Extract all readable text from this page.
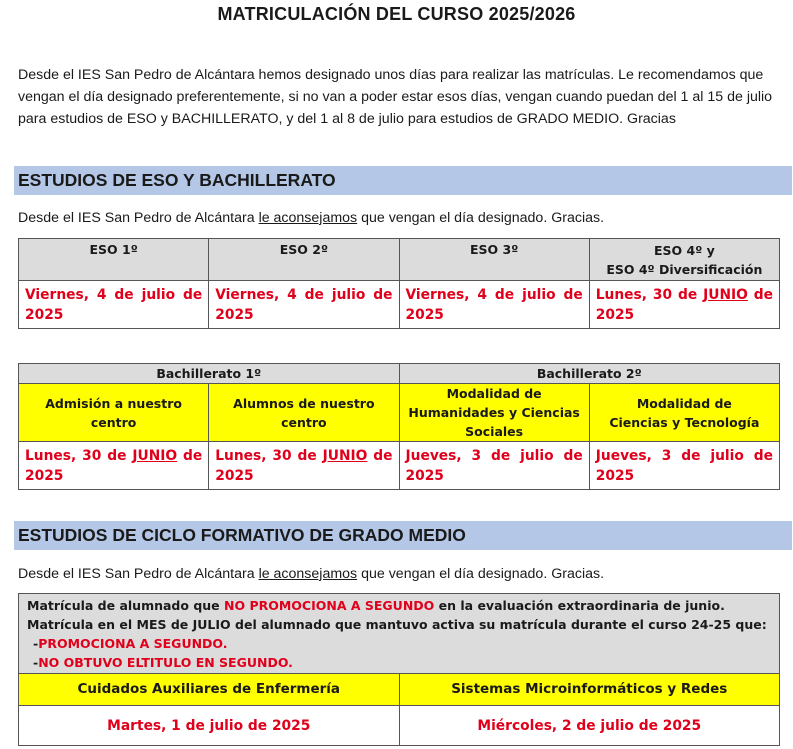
MATRICULACIÓN DEL CURSO 2025/2026
Desde el IES San Pedro de Alcántara hemos designado unos días para realizar las matrículas. Le recomendamos que vengan el día designado preferentemente, si no van a poder estar esos días, vengan cuando puedan del 1 al 15 de julio para estudios de ESO y BACHILLERATO, y del 1 al 8 de julio para estudios de GRADO MEDIO. Gracias
ESTUDIOS DE ESO Y BACHILLERATO
Desde el IES San Pedro de Alcántara le aconsejamos que vengan el día designado. Gracias.
ESO 1º	ESO 2º	ESO 3º	ESO 4º y
ESO 4º Diversificación

Viernes, 4 de julio de 2025	Viernes, 4 de julio de 2025	Viernes, 4 de julio de 2025	Lunes, 30 de JUNIO de 2025
Bachillerato 1º		Bachillerato 2º	
Admisión a nuestro centro	Alumnos de nuestro centro	Modalidad de Humanidades y Ciencias Sociales	Modalidad de Ciencias y Tecnología
Lunes, 30 de JUNIO de 2025	Lunes, 30 de JUNIO de 2025	Jueves, 3 de julio de 2025	Jueves, 3 de julio de 2025
ESTUDIOS DE CICLO FORMATIVO DE GRADO MEDIO
Desde el IES San Pedro de Alcántara le aconsejamos que vengan el día designado. Gracias.
Matrícula de alumnado que NO PROMOCIONA A SEGUNDO en la evaluación extraordinaria de junio.
Matrícula en el MES de JULIO del alumnado que mantuvo activa su matrícula durante el curso 24-25 que:
-PROMOCIONA A SEGUNDO.
-NO OBTUVO ELTITULO EN SEGUNDO.	

Cuidados Auxiliares de Enfermería	Sistemas Microinformáticos y Redes
Martes, 1 de julio de 2025	Miércoles, 2 de julio de 2025
